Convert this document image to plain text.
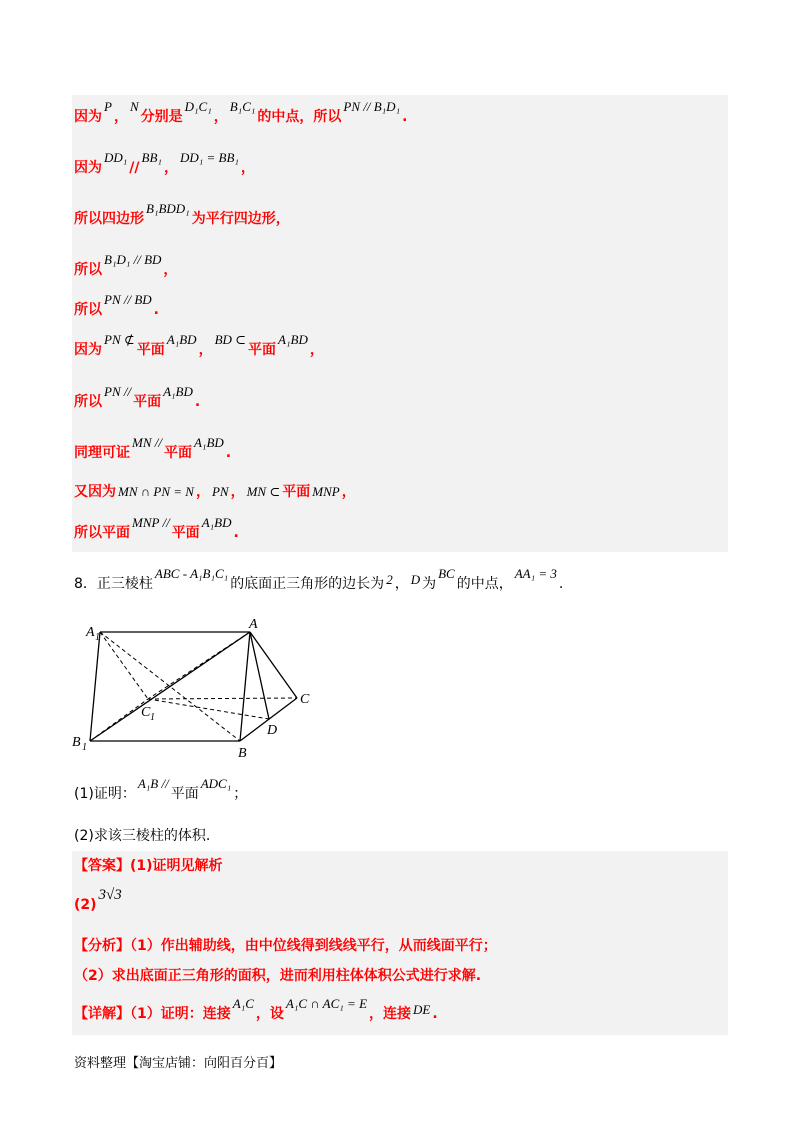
因为P，N分别是D₁C₁，B₁C₁的中点，所以PN // B₁D₁.
因为DD₁//BB₁，DD₁ = BB₁，
所以四边形B₁BDD₁为平行四边形，
所以B₁D₁ // BD，
所以PN // BD.
因为PN ⊄平面A₁BD，BD ⊂平面A₁BD，
所以PN //平面A₁BD.
同理可证MN //平面A₁BD.
又因为 MN ∩ PN = N ， PN ， MN ⊂ 平面 MNP ，
所以平面MNP //平面A₁BD.
8．正三棱柱ABC - A₁B₁C₁的底面正三角形的边长为 2 ， D 为BC的中点，AA₁ = 3.
A 1
A
B 1	B
C 1
C
D
(1)证明：A₁B //平面ADC₁；
(2)求该三棱柱的体积.
【答案】(1)证明见解析
(2)3√3
【分析】（1）作出辅助线，由中位线得到线线平行，从而线面平行；
（2）求出底面正三角形的面积，进而利用柱体体积公式进行求解.
【详解】（1）证明：连接A₁C，设A₁C ∩ AC₁ = E，连接 DE .
资料整理【淘宝店铺：向阳百分百】
